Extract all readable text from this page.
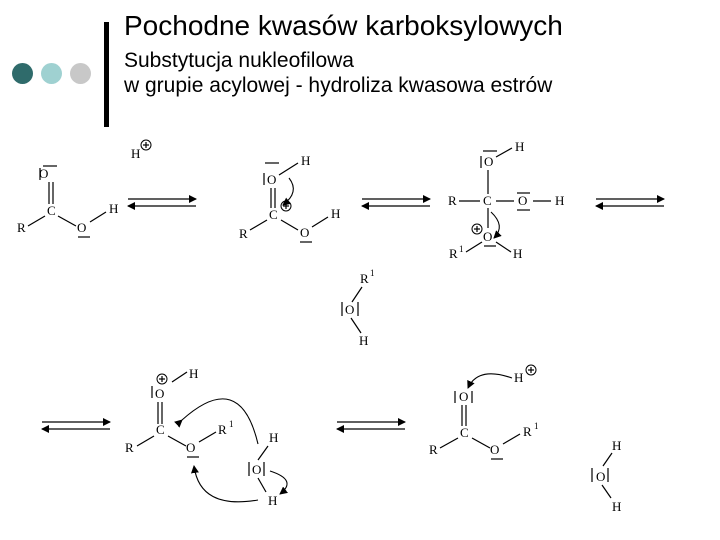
Pochodne kwasów karboksylowych

Substytucja nukleofilowa

w grupie acylowej - hydroliza kwasowa estrów

O
C
R	O
H
H
O
H
C
R	O
H
O
H
C
R	O H
O
R 1	H
R 1
O
H
H
O
C
R	O
R 1
H
O
H
H
O
C
R	O
R 1
H
O
H
